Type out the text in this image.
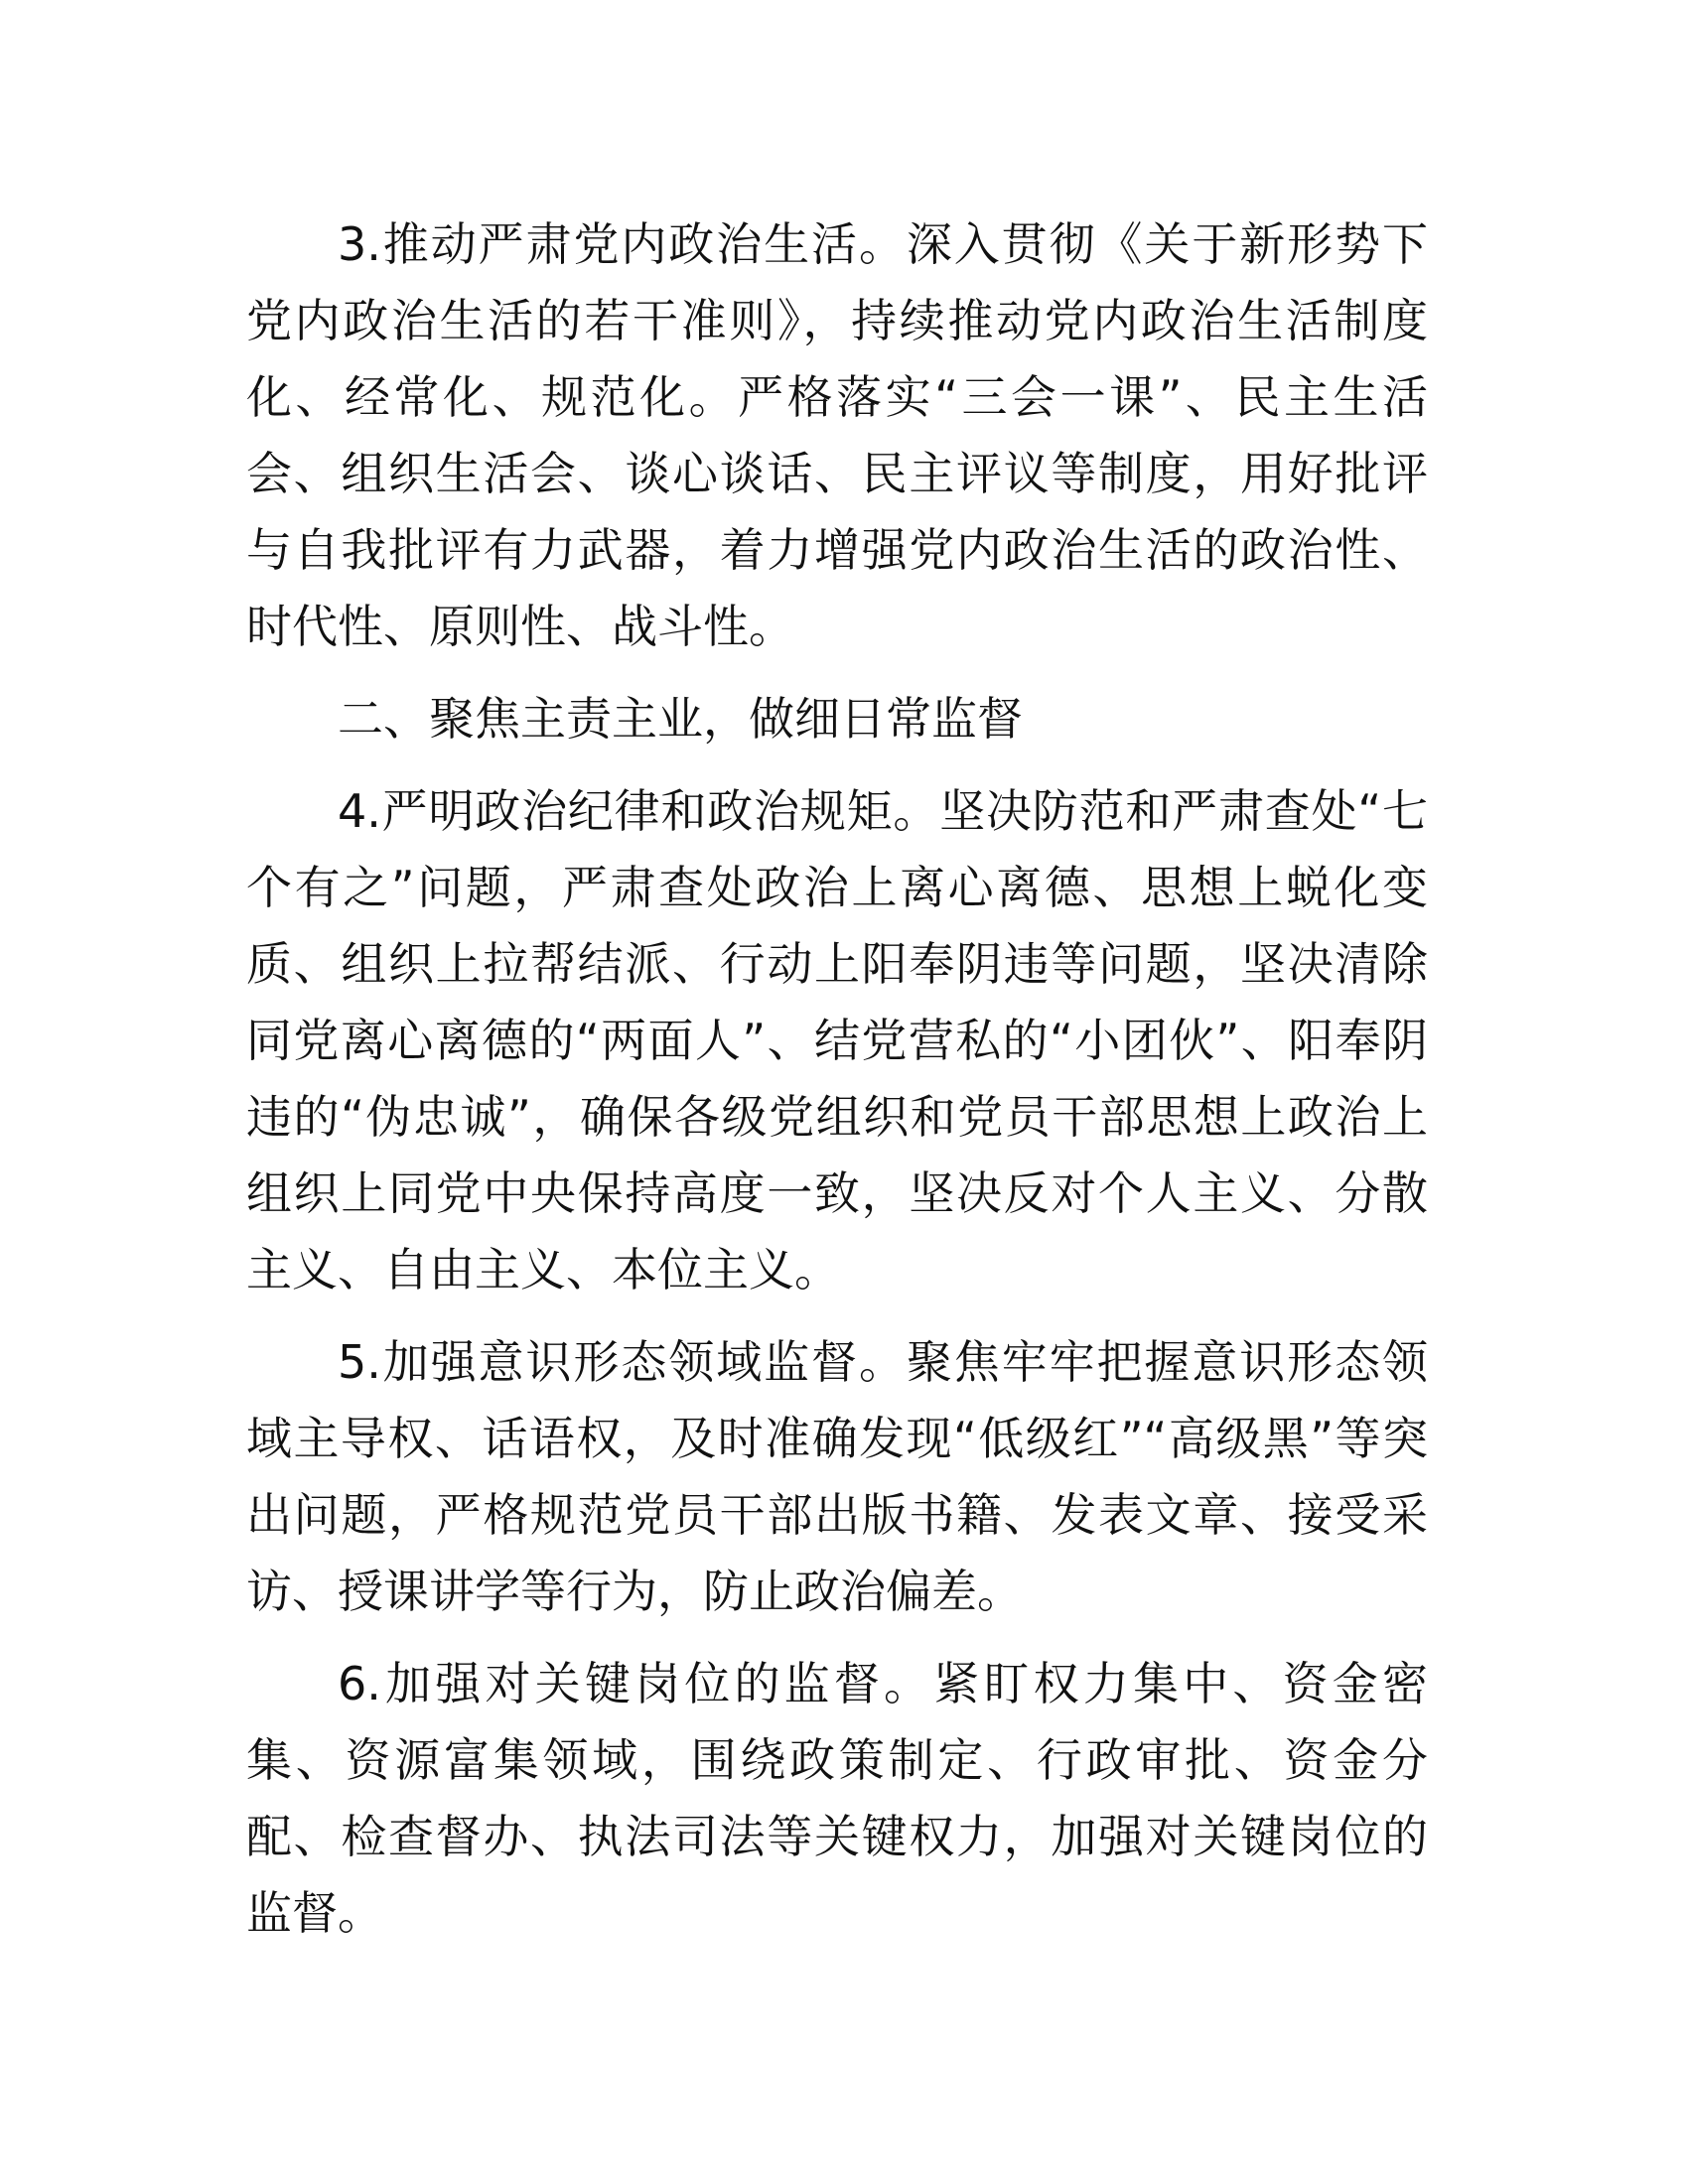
3.推动严肃党内政治生活。深入贯彻《关于新形势下党内政治生活的若干准则》，持续推动党内政治生活制度化、经常化、规范化。严格落实“三会一课”、民主生活会、组织生活会、谈心谈话、民主评议等制度，用好批评与自我批评有力武器，着力增强党内政治生活的政治性、时代性、原则性、战斗性。

二、聚焦主责主业，做细日常监督

4.严明政治纪律和政治规矩。坚决防范和严肃查处“七个有之”问题，严肃查处政治上离心离德、思想上蜕化变质、组织上拉帮结派、行动上阳奉阴违等问题，坚决清除同党离心离德的“两面人”、结党营私的“小团伙”、阳奉阴违的“伪忠诚”，确保各级党组织和党员干部思想上政治上组织上同党中央保持高度一致，坚决反对个人主义、分散主义、自由主义、本位主义。

5.加强意识形态领域监督。聚焦牢牢把握意识形态领域主导权、话语权，及时准确发现“低级红”“高级黑”等突出问题，严格规范党员干部出版书籍、发表文章、接受采访、授课讲学等行为，防止政治偏差。

6.加强对关键岗位的监督。紧盯权力集中、资金密集、资源富集领域，围绕政策制定、行政审批、资金分配、检查督办、执法司法等关键权力，加强对关键岗位的监督。
